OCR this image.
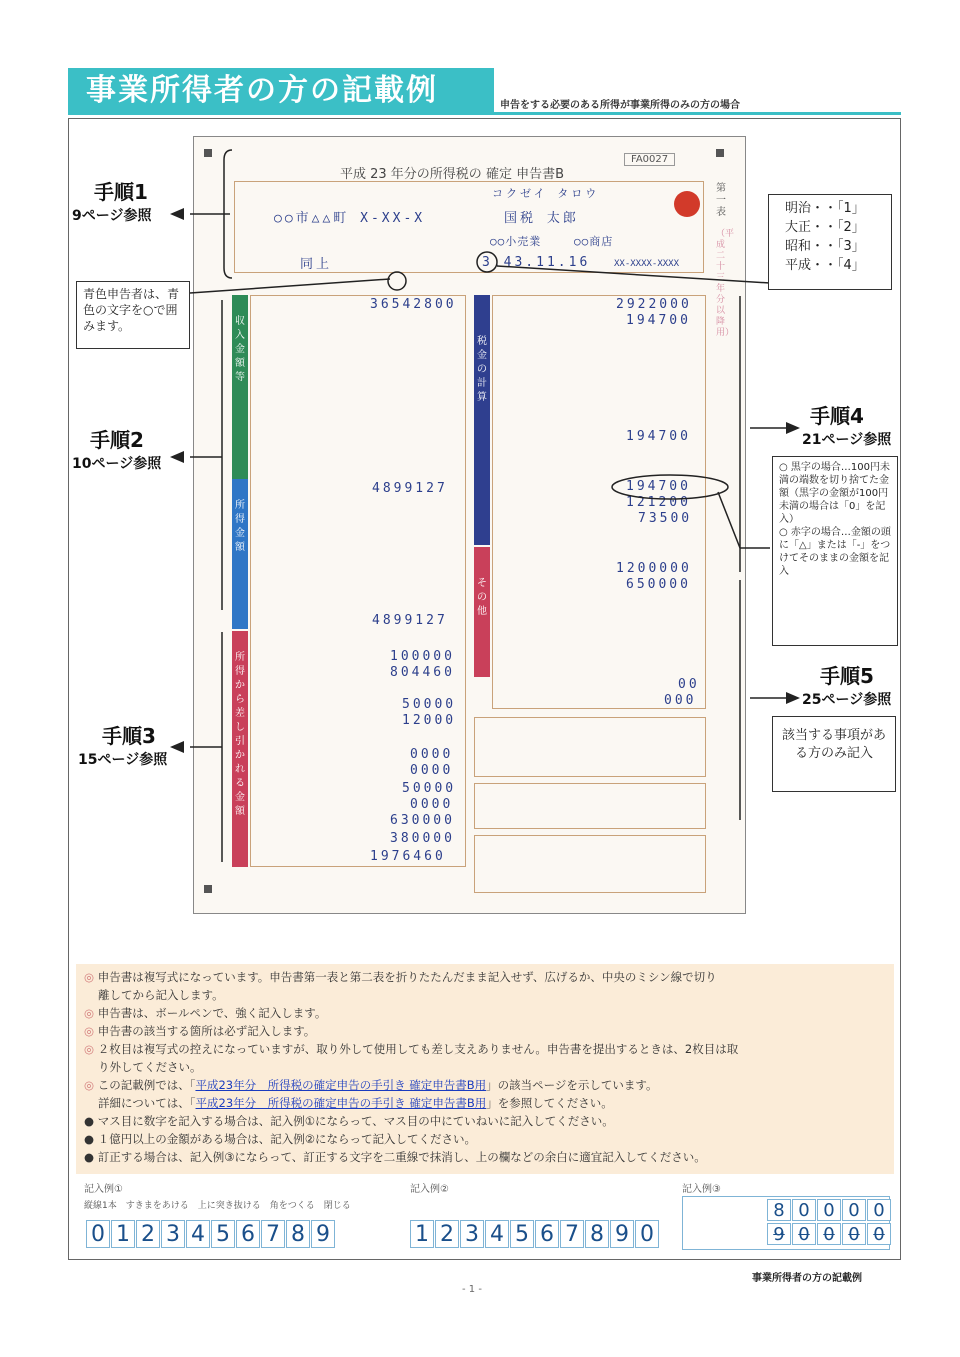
事業所得者の方の記載例	申告をする必要のある所得が事業所得のみの方の場合
平成 23 年分の所得税の 確定 申告書B
FA0027
○○市△△町 X-XX-X
同上
コクゼイ タロウ
国税 太郎
○○小売業	○○商店
3.43.11.16	XX-XXXX-XXXX
第一表
（平成二十三年分以降用）
収入金額等
所得金額
所得から差し引かれる金額
36542800
4899127
4899127
100000
804460
50000
12000
0000
0000
50000
0000
630000
380000
1976460
税金の計算
その他
2922000
194700
194700
194700
121200
73500
1200000
650000
00
000
手順1
9ページ参照
手順2
10ページ参照
手順3
15ページ参照
手順4
21ページ参照
手順5
25ページ参照
青色申告者は、青色の文字を○で囲みます。
明治・・「1」
大正・・「2」
昭和・・「3」
平成・・「4」
○ 黒字の場合…100円未満の端数を切り捨てた金額（黒字の金額が100円未満の場合は「0」を記入）
○ 赤字の場合…金額の頭に「△」または「-」をつけてそのままの金額を記入
該当する事項がある方のみ記入
◎ 申告書は複写式になっています。申告書第一表と第二表を折りたたんだまま記入せず、広げるか、中央のミシン線で切り
離してから記入します。
◎ 申告書は、ボールペンで、強く記入します。
◎ 申告書の該当する箇所は必ず記入します。
◎ ２枚目は複写式の控えになっていますが、取り外して使用しても差し支えありません。申告書を提出するときは、2枚目は取
り外してください。
◎ この記載例では、「平成23年分　所得税の確定申告の手引き 確定申告書B用」の該当ページを示しています。
詳細については、「平成23年分　所得税の確定申告の手引き 確定申告書B用」を参照してください。
● マス目に数字を記入する場合は、記入例①にならって、マス目の中にていねいに記入してください。
● １億円以上の金額がある場合は、記入例②にならって記入してください。
● 訂正する場合は、記入例③にならって、訂正する文字を二重線で抹消し、上の欄などの余白に適宜記入してください。
記入例①
縦線1本　すきまをあける　上に突き抜ける　角をつくる　閉じる
0 1 2 3 4 5 6 7 8 9
記入例②
1 2 3 4 5 6 7 8 9 0
記入例③
8 0 0 0 0
9 0 0 0 0
事業所得者の方の記載例
- 1 -
